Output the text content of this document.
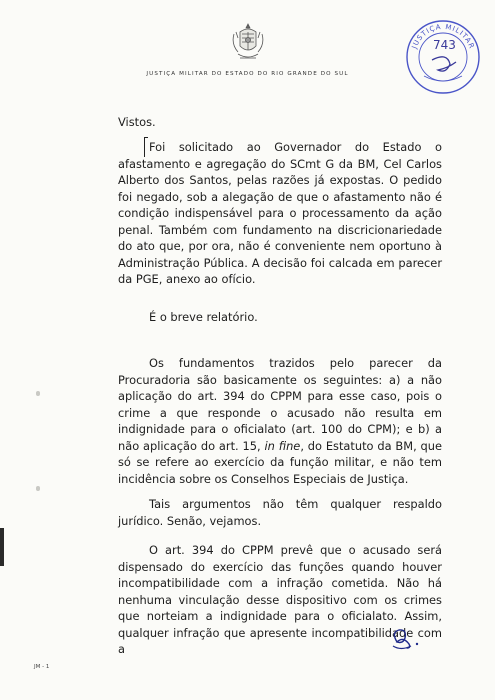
JUSTIÇA MILITAR DO ESTADO DO RIO GRANDE DO SUL
JUSTIÇA MILITAR
743

Vistos.

Foi solicitado ao Governador do Estado o afastamento e agregação do SCmt G da BM, Cel Carlos Alberto dos Santos, pelas razões já expostas. O pedido foi negado, sob a alegação de que o afastamento não é condição indispensável para o processamento da ação penal. Também com fundamento na discricionariedade do ato que, por ora, não é conveniente nem oportuno à Administração Pública. A decisão foi calcada em parecer da PGE, anexo ao ofício.

É o breve relatório.

Os fundamentos trazidos pelo parecer da Procuradoria são basicamente os seguintes: a) a não aplicação do art. 394 do CPPM para esse caso, pois o crime a que responde o acusado não resulta em indignidade para o oficialato (art. 100 do CPM); e b) a não aplicação do art. 15, in fine, do Estatuto da BM, que só se refere ao exercício da função militar, e não tem incidência sobre os Conselhos Especiais de Justiça.

Tais argumentos não têm qualquer respaldo jurídico. Senão, vejamos.

O art. 394 do CPPM prevê que o acusado será dispensado do exercício das funções quando houver incompatibilidade com a infração cometida. Não há nenhuma vinculação desse dispositivo com os crimes que norteiam a indignidade para o oficialato. Assim, qualquer infração que apresente incompatibilidade com a

JM - 1
